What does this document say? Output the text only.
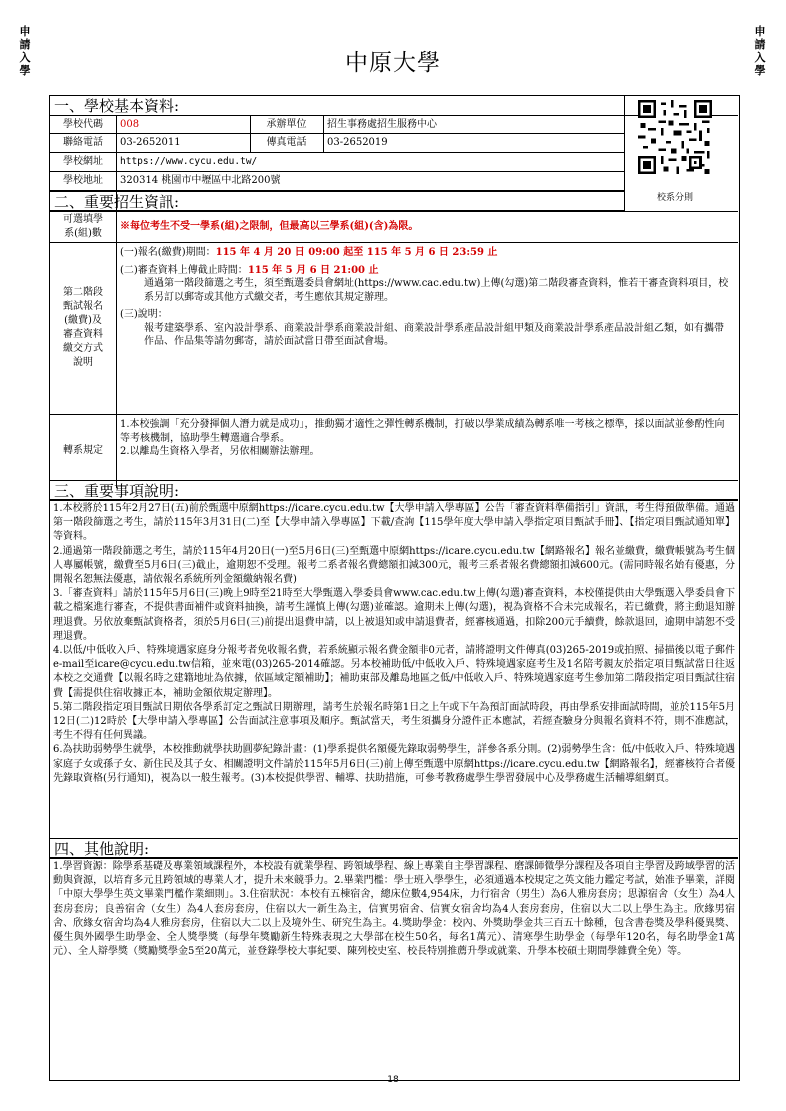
申
請
入
學
申
請
入
學
中原大學
一、學校基本資料:
學校代碼	008	承辦單位	招生事務處招生服務中心
聯絡電話	03-2652011	傳真電話	03-2652019
學校網址	https://www.cycu.edu.tw/
學校地址	320314 桃園市中壢區中北路200號
二、重要招生資訊:
可選填學
系(組)數
※每位考生不受一學系(組)之限制，但最高以三學系(組)(含)為限。
第二階段
甄試報名
(繳費)及
審查資料
繳交方式
說明
(一)報名(繳費)期間：115 年 4 月 20 日 09:00 起至 115 年 5 月 6 日 23:59 止
(二)審查資料上傳截止時間：115 年 5 月 6 日 21:00 止
通過第一階段篩選之考生，須至甄選委員會網址(https://www.cac.edu.tw)上傳(勾選)第二階段審查資料，惟若干審查資料項目，校系另訂以郵寄或其他方式繳交者，考生應依其規定辦理。
(三)說明：
報考建築學系、室內設計學系、商業設計學系商業設計組、商業設計學系產品設計組甲類及商業設計學系產品設計組乙類，如有攜帶作品、作品集等請勿郵寄，請於面試當日帶至面試會場。
轉系規定
1.本校強調「充分發揮個人潛力就是成功」，推動獨才適性之彈性轉系機制，打破以學業成績為轉系唯一考核之標準，採以面試並參酌性向等考核機制，協助學生轉選適合學系。
2.以離島生資格入學者，另依相關辦法辦理。
三、重要事項說明:
1.本校將於115年2月27日(五)前於甄選中原網https://icare.cycu.edu.tw【大學申請入學專區】公告「審查資料準備指引」資訊，考生得預做準備。通過第一階段篩選之考生，請於115年3月31日(二)至【大學申請入學專區】下載/查詢【115學年度大學申請入學指定項目甄試手冊】、【指定項目甄試通知單】等資料。
2.通過第一階段篩選之考生，請於115年4月20日(一)至5月6日(三)至甄選中原網https://icare.cycu.edu.tw【網路報名】報名並繳費，繳費帳號為考生個人專屬帳號，繳費至5月6日(三)截止，逾期恕不受理。報考二系者報名費總額扣減300元，報考三系者報名費總額扣減600元。(需同時報名始有優惠，分開報名恕無法優惠，請依報名系統所列金額繳納報名費)
3.「審查資料」請於115年5月6日(三)晚上9時至21時至大學甄選入學委員會www.cac.edu.tw上傳(勾選)審查資料，本校僅提供由大學甄選入學委員會下載之檔案進行審查，不提供書面補件或資料抽換，請考生謹慎上傳(勾選)並確認。逾期未上傳(勾選)，視為資格不合未完成報名，若已繳費，將主動退知辦理退費。另依放棄甄試資格者，須於5月6日(三)前提出退費申請，以上被退知或申請退費者，經審核通過，扣除200元手續費，餘款退回，逾期申請恕不受理退費。
4.以低/中低收入戶、特殊境遇家庭身分報考者免收報名費，若系統顯示報名費金額非0元者，請將證明文件傳真(03)265-2019或拍照、掃描後以電子郵件e-mail至icare@cycu.edu.tw信箱，並來電(03)265-2014確認。另本校補助低/中低收入戶、特殊境遇家庭考生及1名陪考親友於指定項目甄試當日往返本校之交通費【以報名時之建籍地址為依據，依區域定額補助】；補助東部及離島地區之低/中低收入戶、特殊境遇家庭考生參加第二階段指定項目甄試往宿費【需提供住宿收據正本，補助金額依規定辦理】。
5.第二階段指定項目甄試日期依各學系訂定之甄試日期辦理，請考生於報名時第1日之上午或下午為預訂面試時段，再由學系安排面試時間，並於115年5月12日(二)12時於【大學申請入學專區】公告面試注意事項及順序。甄試當天，考生須攜身分證件正本應試，若經查驗身分與報名資料不符，則不准應試，考生不得有任何異議。
6.為扶助弱勢學生就學，本校推動就學扶助圓夢紀錄計畫：(1)學系提供名額優先錄取弱勢學生，詳參各系分則。(2)弱勢學生含：低/中低收入戶、特殊境遇家庭子女或孫子女、新住民及其子女、相關證明文件請於115年5月6日(三)前上傳至甄選中原網https://icare.cycu.edu.tw【網路報名】，經審核符合者優先錄取資格(另行通知)，視為以一般生報考。(3)本校提供學習、輔導、扶助措施，可參考教務處學生學習發展中心及學務處生活輔導組網頁。
四、其他說明:
1.學習資源：除學系基礎及專業領域課程外，本校設有就業學程、跨領域學程、線上專業自主學習課程、磨課師微學分課程及各項自主學習及跨域學習的活動與資源，以培育多元且跨領域的專業人才，提升未來競爭力。2.畢業門檻：學士班入學學生，必須通過本校規定之英文能力鑑定考試，始准予畢業，詳閱「中原大學學生英文畢業門檻作業細則」。3.住宿狀況：本校有五棟宿舍，總床位數4,954床，力行宿舍（男生）為6人雅房套房；思源宿舍（女生）為4人套房套房；良善宿舍（女生）為4人套房套房，住宿以大一新生為主，信實男宿舍、信實女宿舍均為4人套房套房，住宿以大二以上學生為主。欣緣男宿舍、欣緣女宿舍均為4人雅房套房，住宿以大二以上及境外生、研究生為主。4.獎助學金：校內、外獎助學金共三百五十餘種，包含書卷獎及學科優異獎、優生與外國學生助學金、全人獎學獎（每學年獎勵新生特殊表現之大學部在校生50名，每名1萬元）、清寒學生助學金（每學年120名，每名助學金1萬元）、全人辯學獎（獎勵獎學金5至20萬元，並登錄學校大事紀要、陳列校史室、校長特別推薦升學或就業、升學本校碩士期間學雜費全免）等。
校系分則
18
